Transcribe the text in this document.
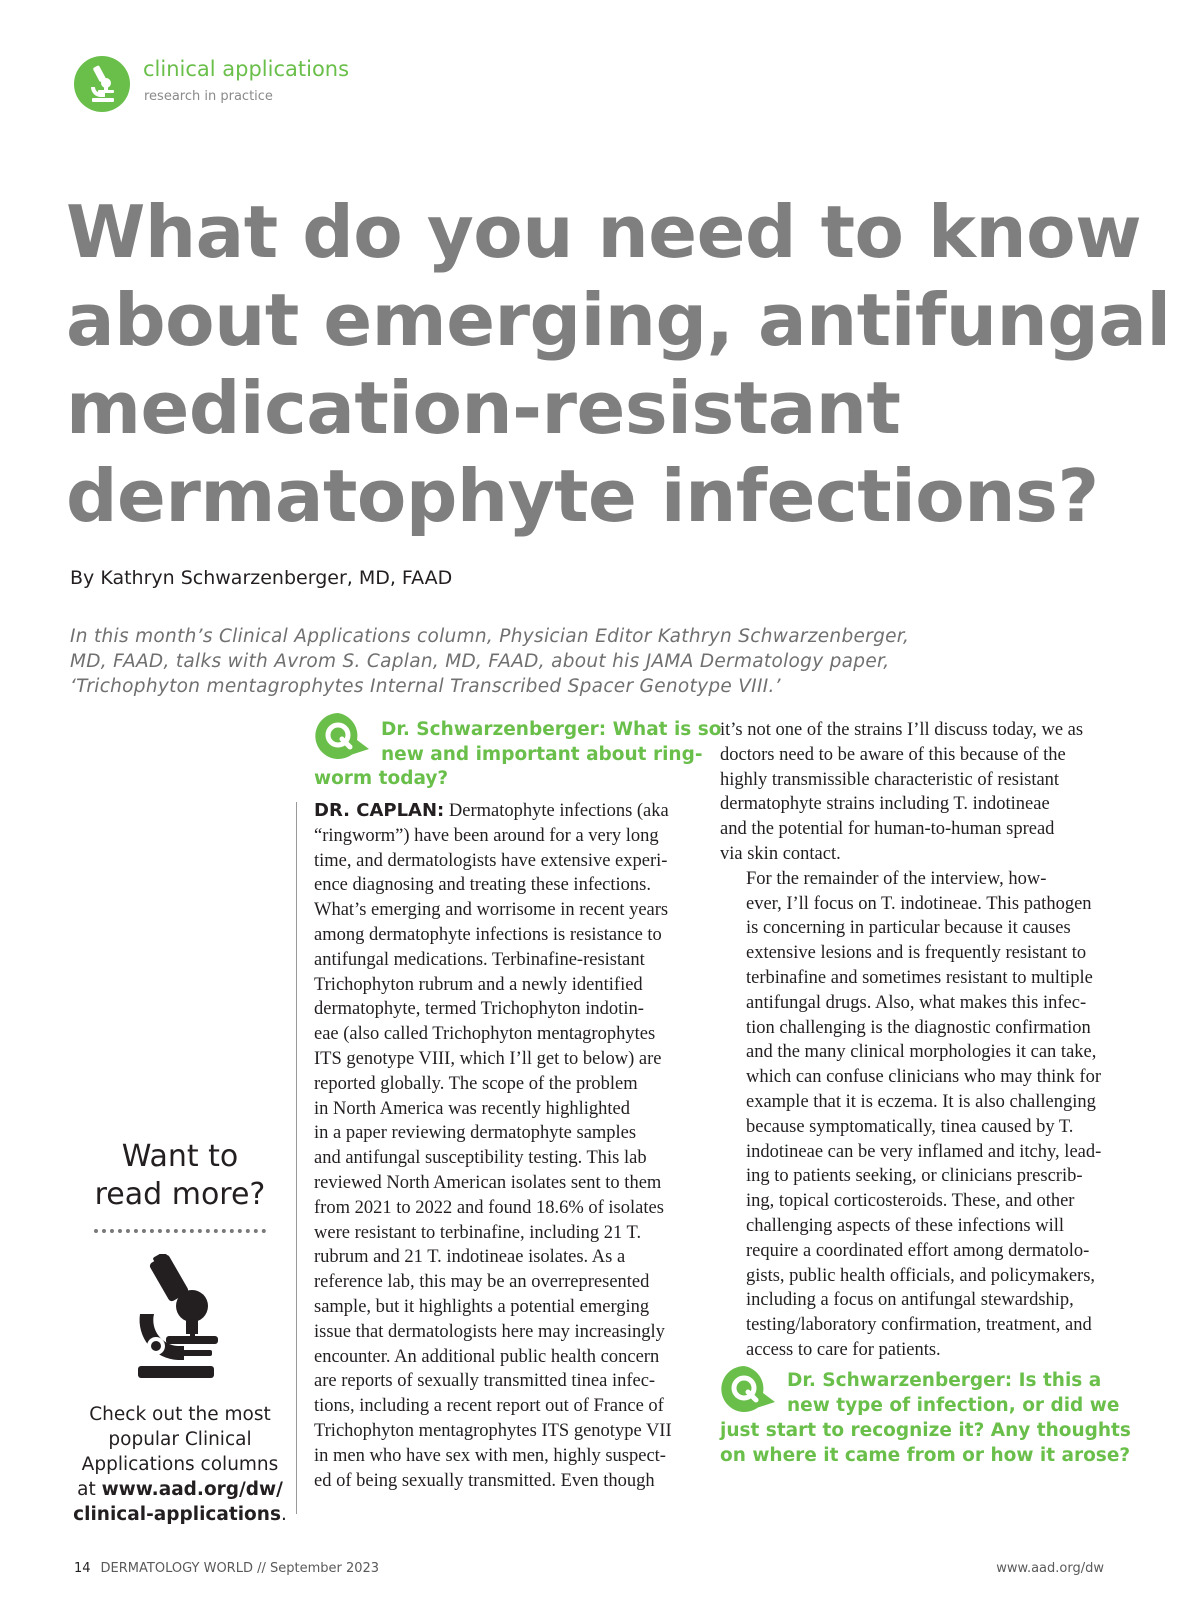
clinical applications
research in practice
What do you need to know
about emerging, antifungal
medication-resistant
dermatophyte infections?
By Kathryn Schwarzenberger, MD, FAAD
In this month’s Clinical Applications column, Physician Editor Kathryn Schwarzenberger,
MD, FAAD, talks with Avrom S. Caplan, MD, FAAD, about his JAMA Dermatology paper,
‘Trichophyton mentagrophytes Internal Transcribed Spacer Genotype VIII.’
Want to
read more?
Check out the most
popular Clinical
Applications columns
at www.aad.org/dw/
clinical-applications.
Dr. Schwarzenberger: What is so
new and important about ring-
worm today?
DR. CAPLAN: Dermatophyte infections (aka
“ringworm”) have been around for a very long
time, and dermatologists have extensive experi-
ence diagnosing and treating these infections.
What’s emerging and worrisome in recent years
among dermatophyte infections is resistance to
antifungal medications. Terbinafine-resistant
Trichophyton rubrum and a newly identified
dermatophyte, termed Trichophyton indotin-
eae (also called Trichophyton mentagrophytes
ITS genotype VIII, which I’ll get to below) are
reported globally. The scope of the problem
in North America was recently highlighted
in a paper reviewing dermatophyte samples
and antifungal susceptibility testing. This lab
reviewed North American isolates sent to them
from 2021 to 2022 and found 18.6% of isolates
were resistant to terbinafine, including 21 T.
rubrum and 21 T. indotineae isolates. As a
reference lab, this may be an overrepresented
sample, but it highlights a potential emerging
issue that dermatologists here may increasingly
encounter. An additional public health concern
are reports of sexually transmitted tinea infec-
tions, including a recent report out of France of
Trichophyton mentagrophytes ITS genotype VII
in men who have sex with men, highly suspect-
ed of being sexually transmitted. Even though
it’s not one of the strains I’ll discuss today, we as
doctors need to be aware of this because of the
highly transmissible characteristic of resistant
dermatophyte strains including T. indotineae
and the potential for human-to-human spread
via skin contact.
For the remainder of the interview, how-
ever, I’ll focus on T. indotineae. This pathogen
is concerning in particular because it causes
extensive lesions and is frequently resistant to
terbinafine and sometimes resistant to multiple
antifungal drugs. Also, what makes this infec-
tion challenging is the diagnostic confirmation
and the many clinical morphologies it can take,
which can confuse clinicians who may think for
example that it is eczema. It is also challenging
because symptomatically, tinea caused by T.
indotineae can be very inflamed and itchy, lead-
ing to patients seeking, or clinicians prescrib-
ing, topical corticosteroids. These, and other
challenging aspects of these infections will
require a coordinated effort among dermatolo-
gists, public health officials, and policymakers,
including a focus on antifungal stewardship,
testing/laboratory confirmation, treatment, and
access to care for patients.
Dr. Schwarzenberger: Is this a
new type of infection, or did we
just start to recognize it? Any thoughts
on where it came from or how it arose?
14 DERMATOLOGY WORLD // September 2023	www.aad.org/dw
